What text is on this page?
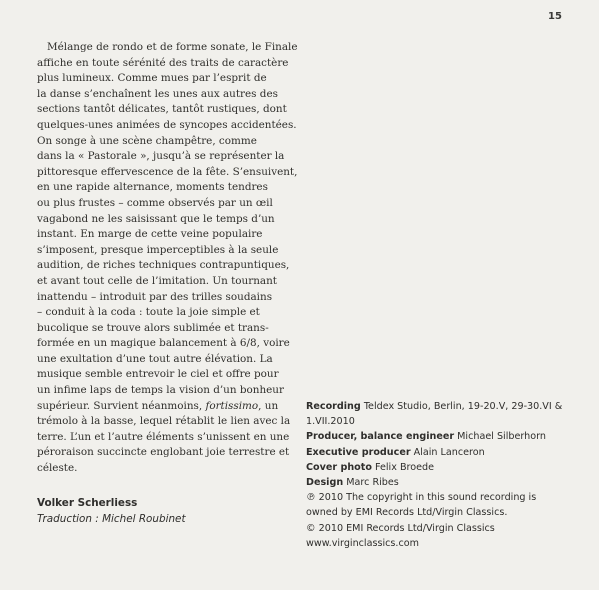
15
Mélange de rondo et de forme sonate, le Finale
affiche en toute sérénité des traits de caractère
plus lumineux. Comme mues par l’esprit de
la danse s’enchaînent les unes aux autres des
sections tantôt délicates, tantôt rustiques, dont
quelques-unes animées de syncopes accidentées.
On songe à une scène champêtre, comme
dans la « Pastorale », jusqu’à se représenter la
pittoresque effervescence de la fête. S’ensuivent,
en une rapide alternance, moments tendres
ou plus frustes – comme observés par un œil
vagabond ne les saisissant que le temps d’un
instant. En marge de cette veine populaire
s’imposent, presque imperceptibles à la seule
audition, de riches techniques contrapuntiques,
et avant tout celle de l’imitation. Un tournant
inattendu – introduit par des trilles soudains
– conduit à la coda : toute la joie simple et
bucolique se trouve alors sublimée et trans-
formée en un magique balancement à 6/8, voire
une exultation d’une tout autre élévation. La
musique semble entrevoir le ciel et offre pour
un infime laps de temps la vision d’un bonheur
supérieur. Survient néanmoins, fortissimo, un
trémolo à la basse, lequel rétablit le lien avec la
terre. L’un et l’autre éléments s’unissent en une
péroraison succincte englobant joie terrestre et
céleste.
Volker Scherliess
Traduction : Michel Roubinet
Recording Teldex Studio, Berlin, 19-20.V, 29-30.VI &
1.VII.2010
Producer, balance engineer Michael Silberhorn
Executive producer Alain Lanceron
Cover photo Felix Broede
Design Marc Ribes
℗ 2010 The copyright in this sound recording is
owned by EMI Records Ltd/Virgin Classics.
© 2010 EMI Records Ltd/Virgin Classics
www.virginclassics.com
